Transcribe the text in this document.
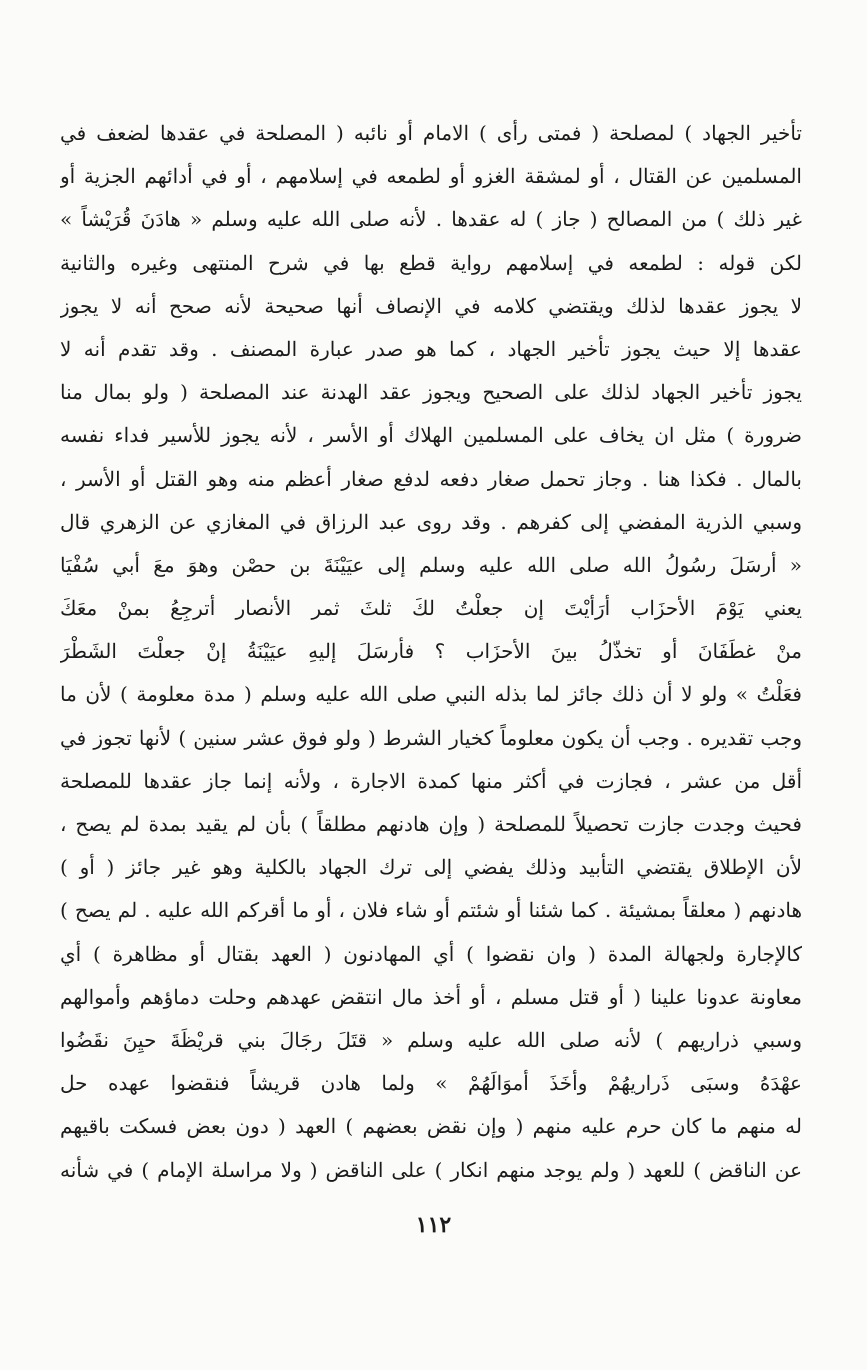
تأخير الجهاد ) لمصلحة ( فمتى رأى ) الامام أو نائبه ( المصلحة في عقدها لضعف في
المسلمين عن القتال ، أو لمشقة الغزو أو لطمعه في إسلامهم ، أو في أدائهم الجزية أو
غير ذلك ) من المصالح ( جاز ) له عقدها . لأنه صلى الله عليه وسلم « هادَنَ قُرَيْشاً »
لكن قوله : لطمعه في إسلامهم رواية قطع بها في شرح المنتهى وغيره والثانية
لا يجوز عقدها لذلك ويقتضي كلامه في الإنصاف أنها صحيحة لأنه صحح أنه لا يجوز
عقدها إلا حيث يجوز تأخير الجهاد ، كما هو صدر عبارة المصنف . وقد تقدم أنه لا
يجوز تأخير الجهاد لذلك على الصحيح ويجوز عقد الهدنة عند المصلحة ( ولو بمال منا
ضرورة ) مثل ان يخاف على المسلمين الهلاك أو الأسر ، لأنه يجوز للأسير فداء نفسه
بالمال . فكذا هنا . وجاز تحمل صغار دفعه لدفع صغار أعظم منه وهو القتل أو الأسر ،
وسبي الذرية المفضي إلى كفرهم . وقد روى عبد الرزاق في المغازي عن الزهري قال
« أرسَلَ رسُولُ الله صلى الله عليه وسلم إلى عيَيْنَةَ بن حصْن وهوَ معَ أبي سُفْيَا
يعني يَوْمَ الأحزَاب أرَأيْتَ إن جعلْتُ لكَ ثلثَ ثمر الأنصار أترجِعُ بمنْ معَكَ
منْ غطَفَانَ أو تخذّلُ بينَ الأحزَاب ؟ فأرسَلَ إليهِ عيَيْنَةُ إنْ جعلْتَ الشَطْرَ
فعَلْتُ » ولو لا أن ذلك جائز لما بذله النبي صلى الله عليه وسلم ( مدة معلومة ) لأن ما
وجب تقديره . وجب أن يكون معلوماً كخيار الشرط ( ولو فوق عشر سنين ) لأنها تجوز في
أقل من عشر ، فجازت في أكثر منها كمدة الاجارة ، ولأنه إنما جاز عقدها للمصلحة
فحيث وجدت جازت تحصيلاً للمصلحة ( وإن هادنهم مطلقاً ) بأن لم يقيد بمدة لم يصح ،
لأن الإطلاق يقتضي التأبيد وذلك يفضي إلى ترك الجهاد بالكلية وهو غير جائز ( أو )
هادنهم ( معلقاً بمشيئة . كما شئنا أو شئتم أو شاء فلان ، أو ما أقركم الله عليه . لم يصح )
كالإجارة ولجهالة المدة ( وان نقضوا ) أي المهادنون ( العهد بقتال أو مظاهرة ) أي
معاونة عدونا علينا ( أو قتل مسلم ، أو أخذ مال انتقض عهدهم وحلت دماؤهم وأموالهم
وسبي ذراريهم ) لأنه صلى الله عليه وسلم « قتَلَ رجَالَ بني قريْظَةَ حيِنَ نقَضُوا
عهْدَهُ وسبَى ذَراريهُمْ وأخَذَ أموَالَهُمْ » ولما هادن قريشاً فنقضوا عهده حل
له منهم ما كان حرم عليه منهم ( وإن نقض بعضهم ) العهد ( دون بعض فسكت باقيهم
عن الناقض ) للعهد ( ولم يوجد منهم انكار ) على الناقض ( ولا مراسلة الإمام ) في شأنه
١١٢
